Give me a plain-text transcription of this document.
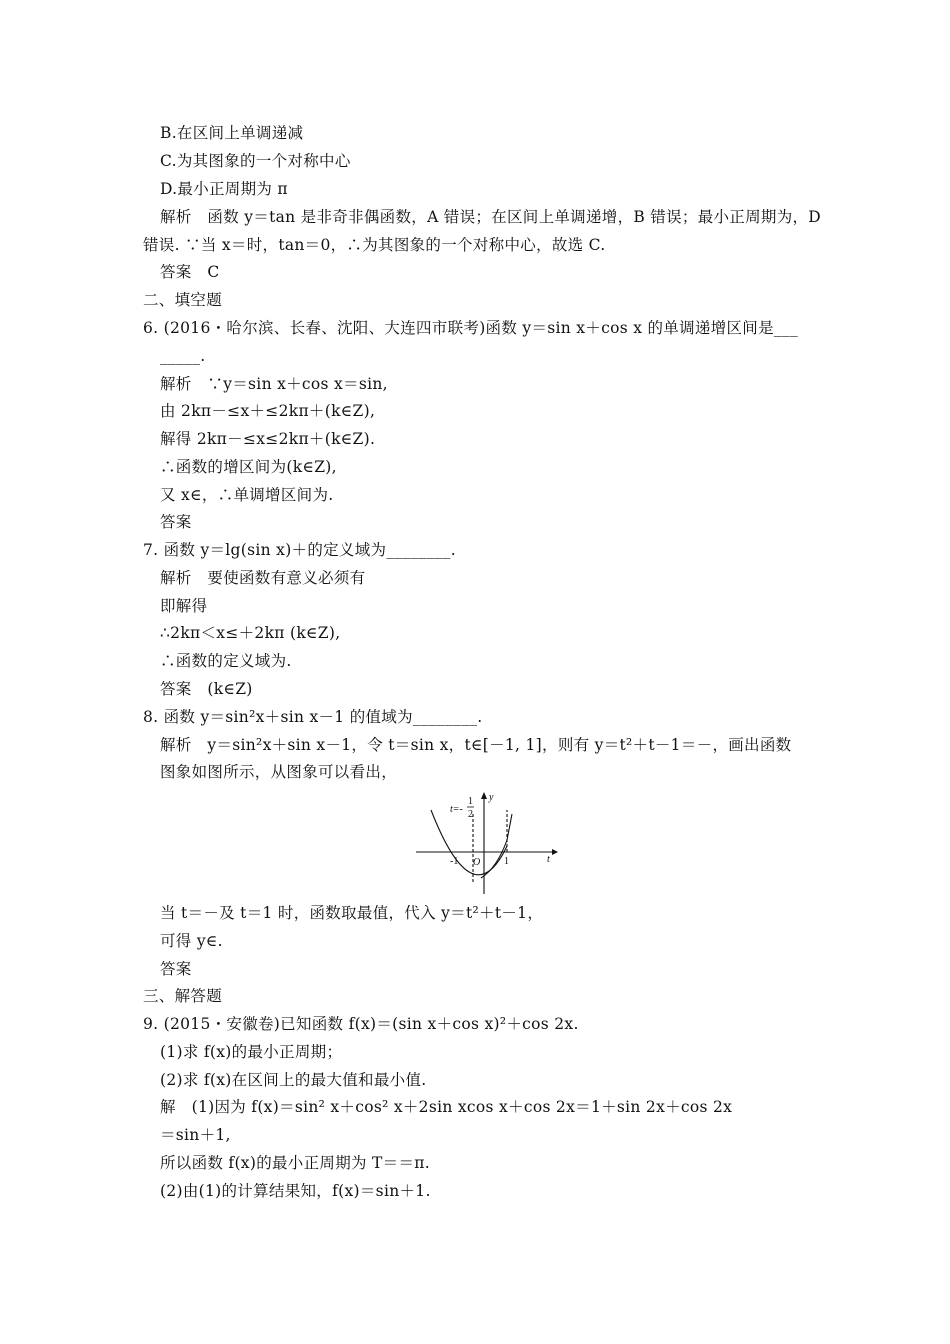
B.在区间上单调递减
C.为其图象的一个对称中心
D.最小正周期为 π
解析　函数 y＝tan 是非奇非偶函数，A 错误；在区间上单调递增，B 错误；最小正周期为，D
错误. ∵当 x＝时，tan＝0，∴为其图象的一个对称中心，故选 C.
答案　C
二、填空题
6. (2016・哈尔滨、长春、沈阳、大连四市联考)函数 y＝sin x＋cos x 的单调递增区间是___
_____.
解析　∵y＝sin x＋cos x＝sin,
由 2kπ－≤x＋≤2kπ＋(k∈Z),
解得 2kπ－≤x≤2kπ＋(k∈Z).
∴函数的增区间为(k∈Z),
又 x∈，∴单调增区间为.
答案
7. 函数 y＝lg(sin x)＋的定义域为________.
解析　要使函数有意义必须有
即解得
∴2kπ＜x≤＋2kπ (k∈Z),
∴函数的定义域为.
答案　(k∈Z)
8. 函数 y＝sin²x＋sin x－1 的值域为________.
解析　y＝sin²x＋sin x－1，令 t＝sin x，t∈[－1, 1]，则有 y＝t²＋t－1＝－，画出函数
图象如图所示，从图象可以看出，
t=-
1
2
y
t
-1 O 1
当 t＝－及 t＝1 时，函数取最值，代入 y＝t²＋t－1，
可得 y∈.
答案
三、解答题
9. (2015・安徽卷)已知函数 f(x)＝(sin x＋cos x)²＋cos 2x.
(1)求 f(x)的最小正周期；
(2)求 f(x)在区间上的最大值和最小值.
解　(1)因为 f(x)＝sin² x＋cos² x＋2sin xcos x＋cos 2x＝1＋sin 2x＋cos 2x
＝sin＋1,
所以函数 f(x)的最小正周期为 T＝＝π.
(2)由(1)的计算结果知，f(x)＝sin＋1.
